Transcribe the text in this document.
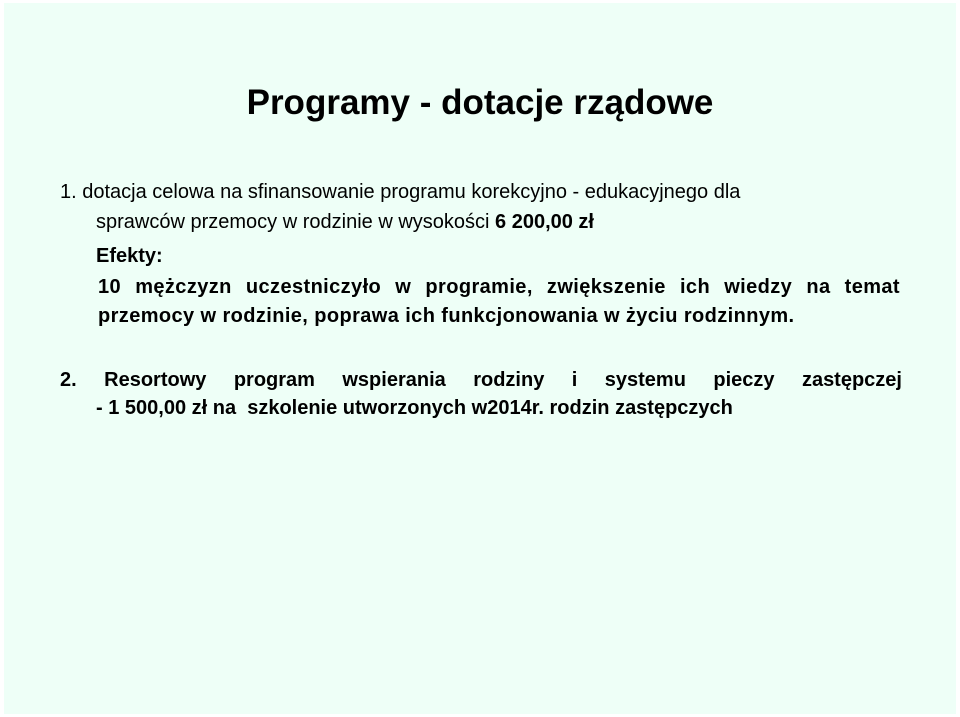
Programy - dotacje rządowe
1. dotacja celowa na sfinansowanie programu korekcyjno - edukacyjnego dla
sprawców przemocy w rodzinie w wysokości 6 200,00 zł
Efekty:
10 mężczyzn uczestniczyło w programie, zwiększenie ich wiedzy na temat przemocy w rodzinie, poprawa ich funkcjonowania w życiu rodzinnym.
2. Resortowy program wspierania rodziny i systemu pieczy zastępczej
- 1 500,00 zł na  szkolenie utworzonych w2014r. rodzin zastępczych
